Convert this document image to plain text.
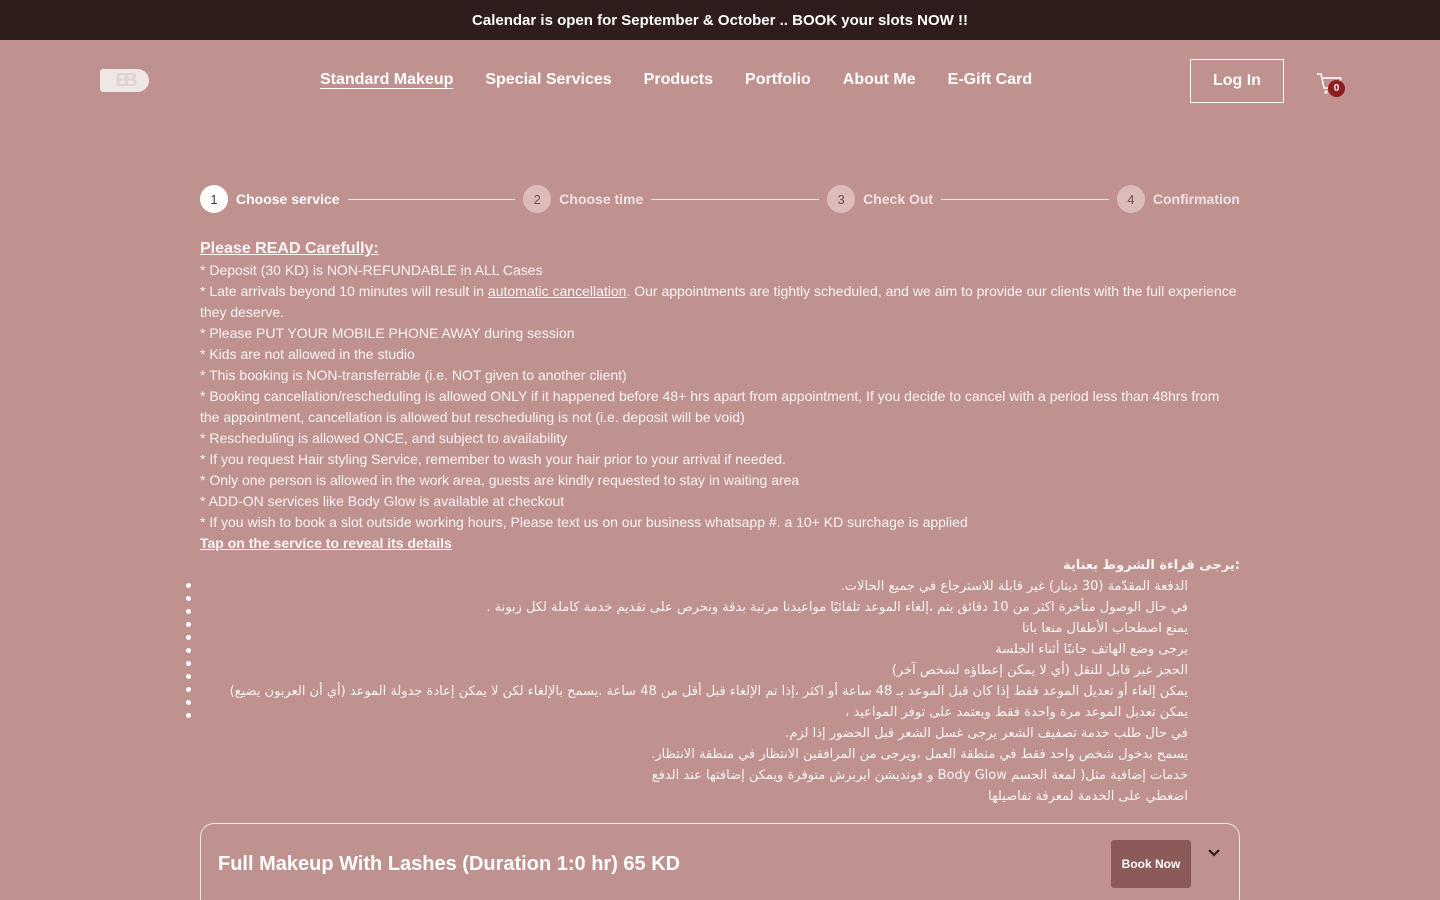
Calendar is open for September & October .. BOOK your slots NOW !!
BB	Standard Makeup Special Services Products Portfolio About Me E-Gift Card	Log In	0
1	Choose service	2	Choose time	3	Check Out	4	Confirmation
Please READ Carefully:
* Deposit (30 KD) is NON-REFUNDABLE in ALL Cases
* Late arrivals beyond 10 minutes will result in automatic cancellation. Our appointments are tightly scheduled, and we aim to provide our clients with the full experience they deserve.
* Please PUT YOUR MOBILE PHONE AWAY during session
* Kids are not allowed in the studio
* This booking is NON-transferrable (i.e. NOT given to another client)
* Booking cancellation/rescheduling is allowed ONLY if it happened before 48+ hrs apart from appointment, If you decide to cancel with a period less than 48hrs from the appointment, cancellation is allowed but rescheduling is not (i.e. deposit will be void)
* Rescheduling is allowed ONCE, and subject to availability
* If you request Hair styling Service, remember to wash your hair prior to your arrival if needed.
* Only one person is allowed in the work area, guests are kindly requested to stay in waiting area
* ADD-ON services like Body Glow is available at checkout
* If you wish to book a slot outside working hours, Please text us on our business whatsapp #. a 10+ KD surchage is applied
Tap on the service to reveal its details
:يرجى قراءة الشروط بعناية
الدفعة المقدّمة (30 دينار) غير قابلة للاسترجاع في جميع الحالات.
في حال الوصول متأخرة اكثر من 10 دقائق يتم ،إلغاء الموعد تلقائيًا مواعيدنا مرتبة بدقة ونحرص على تقديم خدمة كاملة لكل زبونة .
يمنع اصطحاب الأطفال منعا باتا
يرجى وضع الهاتف جانبًا أثناء الجلسة
الحجز غير قابل للنقل (أي لا يمكن إعطاؤه لشخص آخر)
يمكن إلغاء أو تعديل الموعد فقط إذا كان قبل الموعد بـ 48 ساعة أو اكثر ،إذا تم الإلغاء قبل أقل من 48 ساعة .يسمح بالإلغاء لكن لا يمكن إعادة جدولة الموعد (أي أن العربون يضيع)
يمكن تعديل الموعد مرة واحدة فقط ويعتمد على توفر المواعيد ،
في حال طلب خدمة تصفيف الشعر يرجى غسل الشعر قبل الحضور إذا لزم.
يسمح بدخول شخص واحد فقط في منطقة العمل ،ويرجى من المرافقين الانتظار في منطقة الانتظار.
خدمات إضافية مثل( لمعة الجسم Body Glow و فونديشن ايربرش متوفرة ويمكن إضافتها عند الدفع
اضغطي على الخدمة لمعرفة تفاصيلها
Full Makeup With Lashes (Duration 1:0 hr) 65 KD	Book Now
